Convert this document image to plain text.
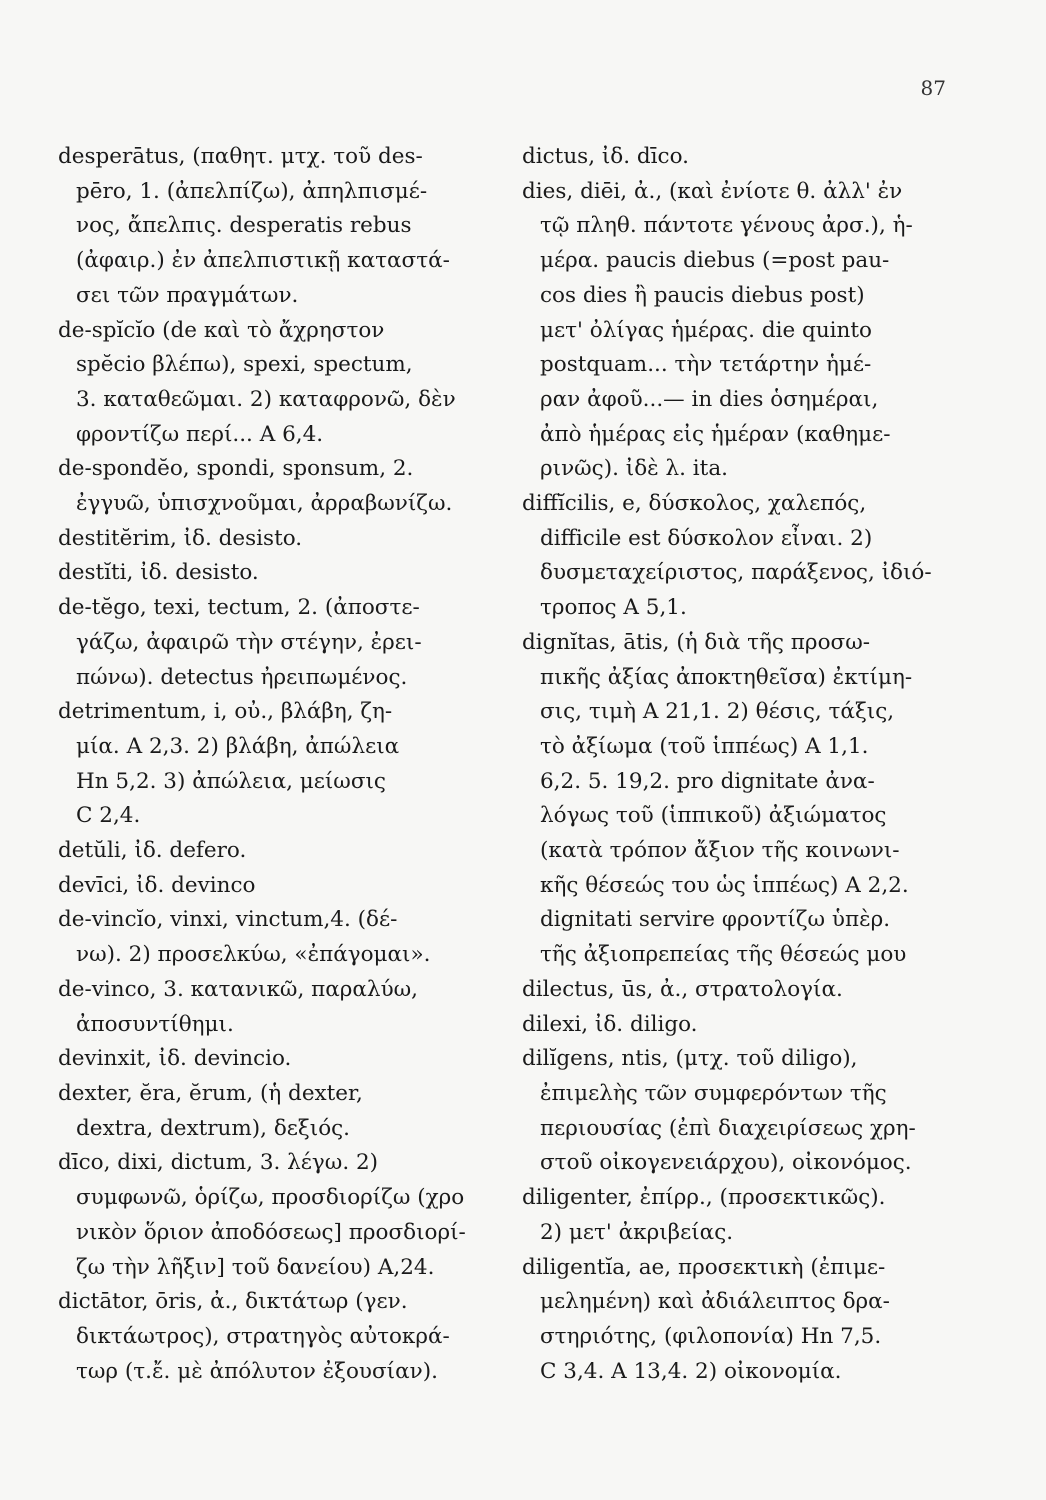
87
desperātus, (παθητ. μτχ. τοῦ des-
pēro, 1. (ἀπελπίζω), ἀπηλπισμέ-
νος, ἄπελπις. desperatis rebus
(ἀφαιρ.) ἐν ἀπελπιστικῇ καταστά-
σει τῶν πραγμάτων.
de-spĭcĭo (de καὶ τὸ ἄχρηστον
spĕcio βλέπω), spexi, spectum,
3. καταθεῶμαι. 2) καταφρονῶ, δὲν
φροντίζω περί... A 6,4.
de-spondĕo, spondi, sponsum, 2.
ἐγγυῶ, ὑπισχνοῦμαι, ἀρραβωνίζω.
destitĕrim, ἰδ. desisto.
destĭti, ἰδ. desisto.
de-tĕgo, texi, tectum, 2. (ἀποστε-
γάζω, ἀφαιρῶ τὴν στέγην, ἐρει-
πώνω). detectus ἠρειπωμένος.
detrimentum, i, οὐ., βλάβη, ζη-
μία. A 2,3. 2) βλάβη, ἀπώλεια
Hn 5,2. 3) ἀπώλεια, μείωσις
C 2,4.
detŭli, ἰδ. defero.
devīci, ἰδ. devinco
de-vincĭo, vinxi, vinctum,4. (δέ-
νω). 2) προσελκύω, «ἐπάγομαι».
de-vinco, 3. κατανικῶ, παραλύω,
ἀποσυντίθημι.
devinxit, ἰδ. devincio.
dexter, ĕra, ĕrum, (ἡ dexter,
dextra, dextrum), δεξιός.
dīco, dixi, dictum, 3. λέγω. 2)
συμφωνῶ, ὁρίζω, προσδιορίζω (χρο
νικὸν ὅριον ἀποδόσεως] προσδιορί-
ζω τὴν λῆξιν] τοῦ δανείου) A,24.
dictātor, ōris, ἀ., δικτάτωρ (γεν.
δικτάωτρος), στρατηγὸς αὐτοκρά-
τωρ (τ.ἔ. μὲ ἀπόλυτον ἐξουσίαν).
dictus, ἰδ. dīco.
dies, diēi, ἀ., (καὶ ἐνίοτε θ. ἀλλ' ἐν
τῷ πληθ. πάντοτε γένους ἀρσ.), ἡ-
μέρα. paucis diebus (=post pau-
cos dies ἢ paucis diebus post)
μετ' ὀλίγας ἡμέρας. die quinto
postquam... τὴν τετάρτην ἡμέ-
ραν ἀφοῦ...— in dies ὁσημέραι,
ἀπὸ ἡμέρας εἰς ἡμέραν (καθημε-
ρινῶς). ἰδὲ λ. ita.
diffĭcilis, e, δύσκολος, χαλεπός,
difficile est δύσκολον εἶναι. 2)
δυσμεταχείριστος, παράξενος, ἰδιό-
τροπος A 5,1.
dignĭtas, ātis, (ἡ διὰ τῆς προσω-
πικῆς ἀξίας ἀποκτηθεῖσα) ἐκτίμη-
σις, τιμὴ A 21,1. 2) θέσις, τάξις,
τὸ ἀξίωμα (τοῦ ἱππέως) A 1,1.
6,2. 5. 19,2. pro dignitate ἀνα-
λόγως τοῦ (ἱππικοῦ) ἀξιώματος
(κατὰ τρόπον ἄξιον τῆς κοινωνι-
κῆς θέσεώς του ὡς ἱππέως) A 2,2.
dignitati servire φροντίζω ὑπὲρ.
τῆς ἀξιοπρεπείας τῆς θέσεώς μου
dilectus, ūs, ἀ., στρατολογία.
dilexi, ἰδ. diligo.
dilĭgens, ntis, (μτχ. τοῦ diligo),
ἐπιμελὴς τῶν συμφερόντων τῆς
περιουσίας (ἐπὶ διαχειρίσεως χρη-
στοῦ οἰκογενειάρχου), οἰκονόμος.
diligenter, ἐπίρρ., (προσεκτικῶς).
2) μετ' ἀκριβείας.
diligentĭa, ae, προσεκτικὴ (ἐπιμε-
μελημένη) καὶ ἀδιάλειπτος δρα-
στηριότης, (φιλοπονία) Hn 7,5.
C 3,4. A 13,4. 2) οἰκονομία.
